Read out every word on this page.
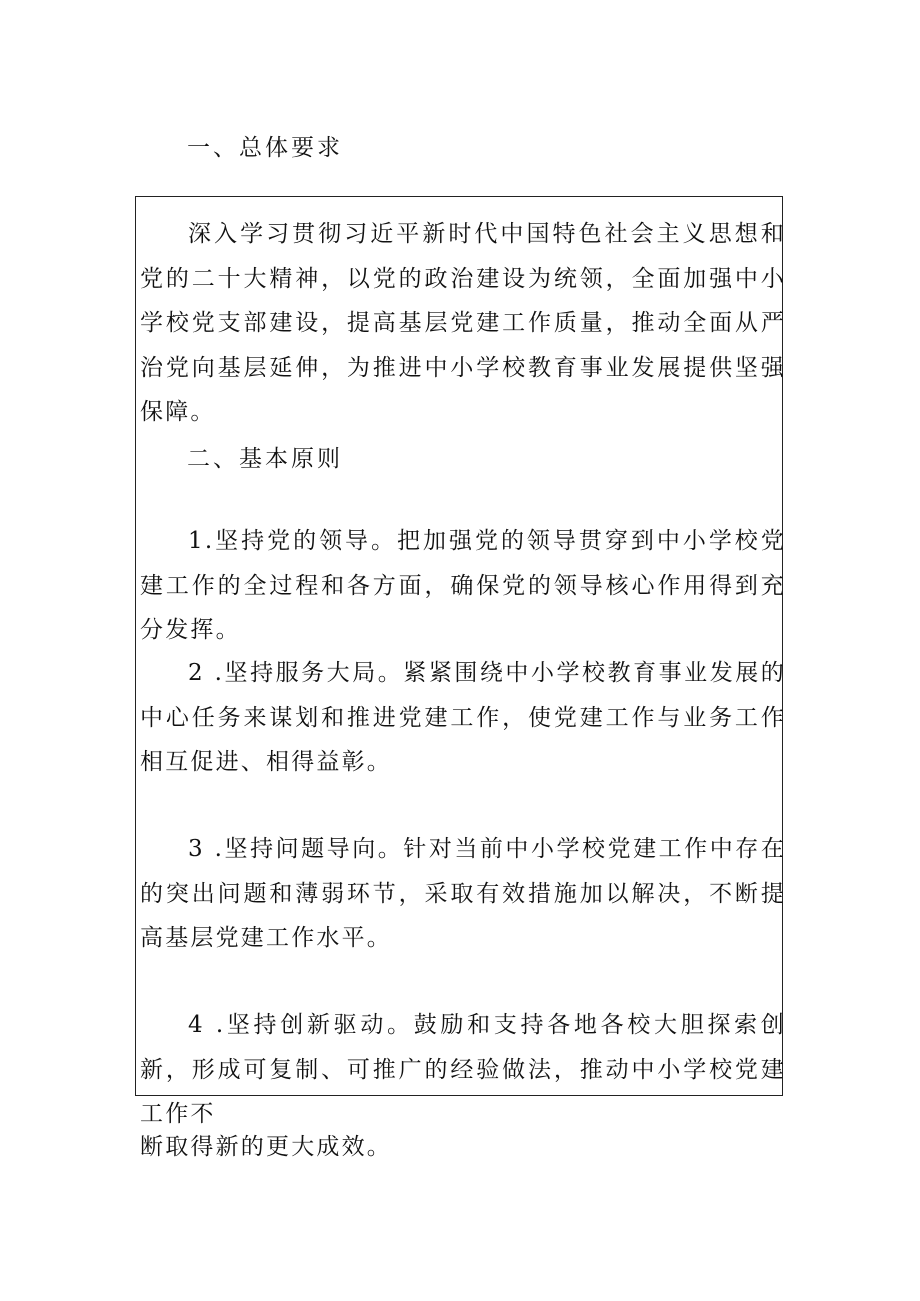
一、总体要求

深入学习贯彻习近平新时代中国特色社会主义思想和党的二十大精神，以党的政治建设为统领，全面加强中小学校党支部建设，提高基层党建工作质量，推动全面从严治党向基层延伸，为推进中小学校教育事业发展提供坚强保障。

二、基本原则

1.坚持党的领导。把加强党的领导贯穿到中小学校党建工作的全过程和各方面，确保党的领导核心作用得到充分发挥。

2 .坚持服务大局。紧紧围绕中小学校教育事业发展的中心任务来谋划和推进党建工作，使党建工作与业务工作相互促进、相得益彰。

3 .坚持问题导向。针对当前中小学校党建工作中存在的突出问题和薄弱环节，采取有效措施加以解决，不断提高基层党建工作水平。

4 .坚持创新驱动。鼓励和支持各地各校大胆探索创新，形成可复制、可推广的经验做法，推动中小学校党建工作不

断取得新的更大成效。
